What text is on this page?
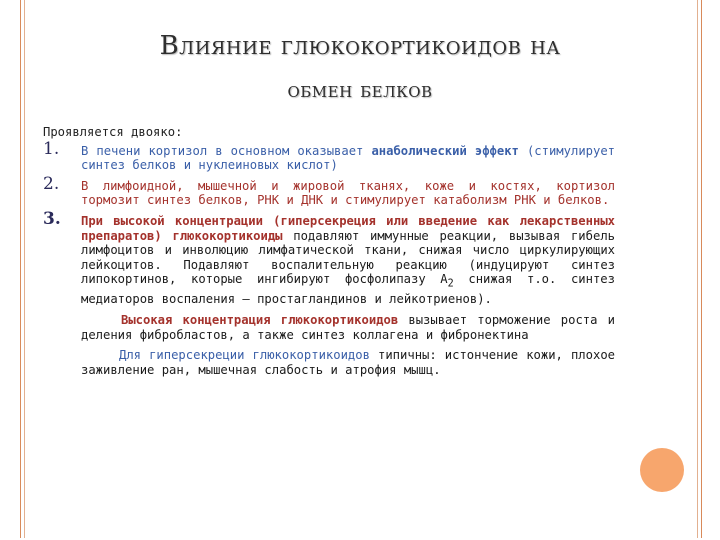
Влияние глюкокортикоидов на
обмен белков

Проявляется двояко:

1. В печени кортизол в основном оказывает анаболический эффект (стимулирует синтез белков и нуклеиновых кислот)

2. В лимфоидной, мышечной и жировой тканях, коже и костях, кортизол тормозит синтез белков, РНК и ДНК и стимулирует катаболизм РНК и белков.

3. При высокой концентрации (гиперсекреция или введение как лекарственных препаратов) глюкокортикоиды подавляют иммунные реакции, вызывая гибель лимфоцитов и инволюцию лимфатической ткани, снижая число циркулирующих лейкоцитов. Подавляют воспалительную реакцию (индуцируют синтез липокортинов, которые ингибируют фосфолипазу $А_2$ снижая т.о. синтез медиаторов воспаления – простагландинов и лейкотриенов).

Высокая концентрация глюкокортикоидов вызывает торможение роста и деления фибробластов, а также синтез коллагена и фибронектина

Для гиперсекреции глюкокортикоидов типичны: истончение кожи, плохое заживление ран, мышечная слабость и атрофия мышц.
